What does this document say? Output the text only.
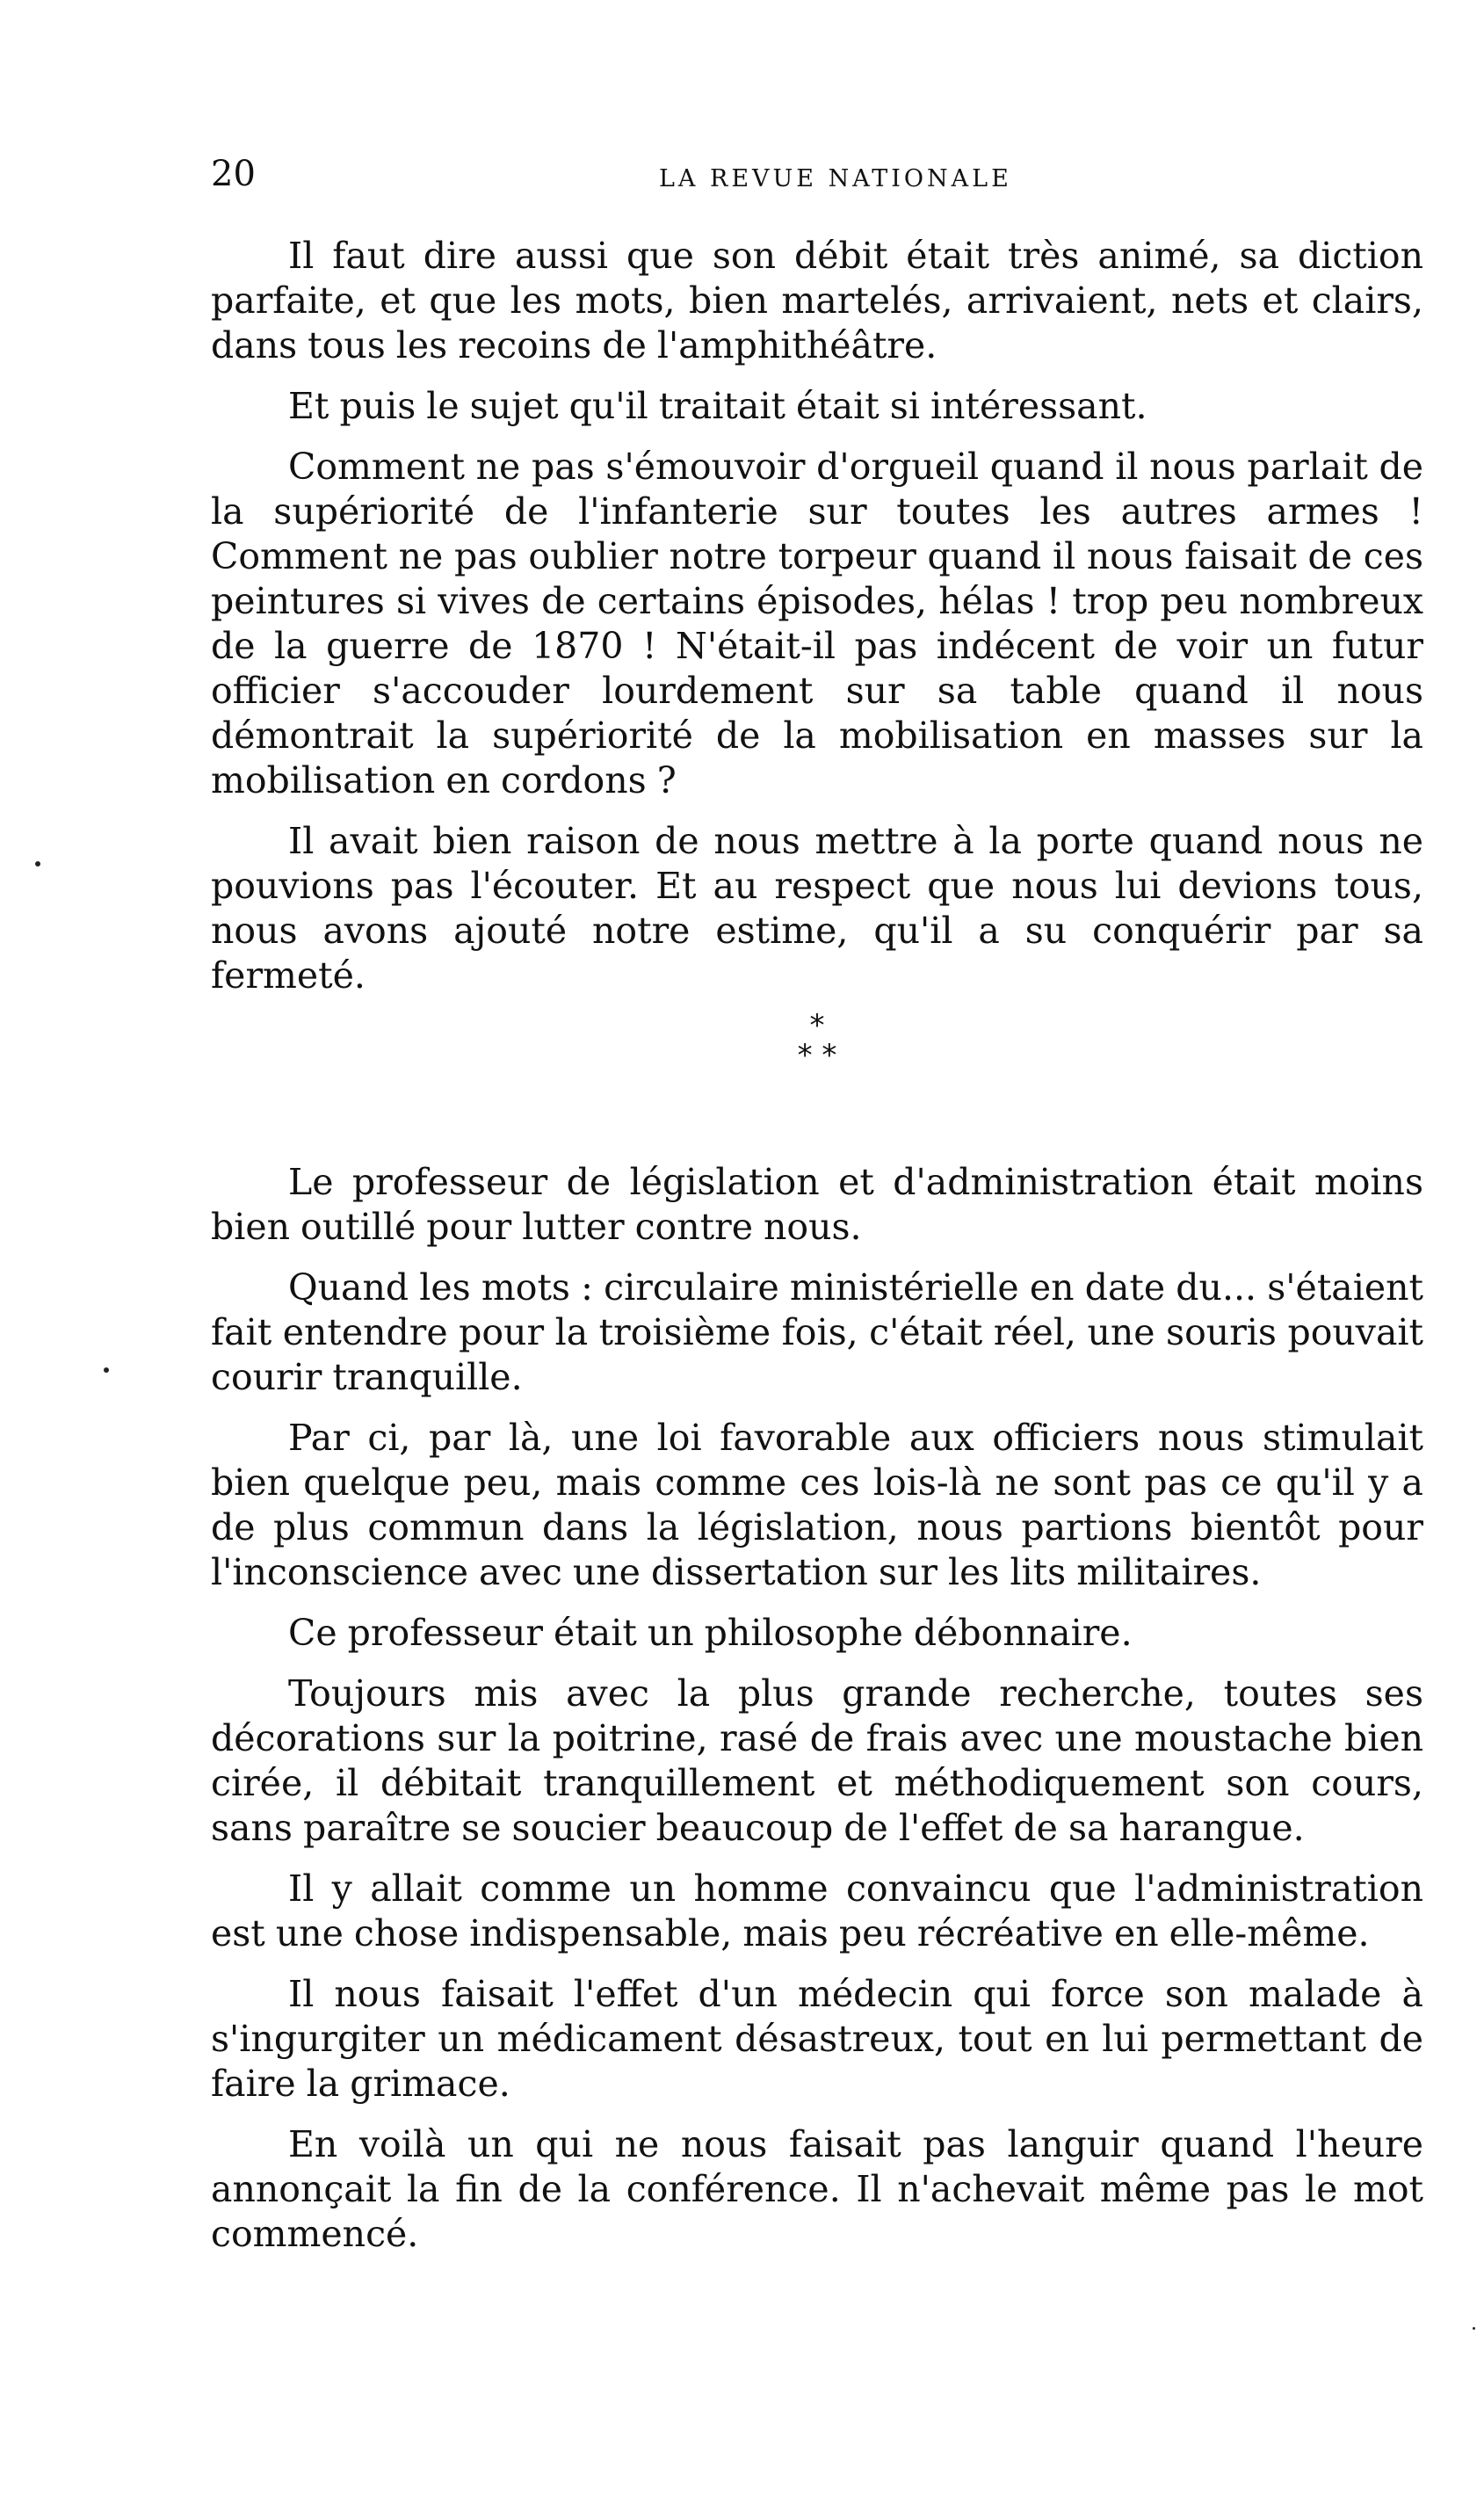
20	LA REVUE NATIONALE

Il faut dire aussi que son débit était très animé, sa diction parfaite, et que les mots, bien martelés, arrivaient, nets et clairs, dans tous les recoins de l'amphithéâtre.

Et puis le sujet qu'il traitait était si intéressant.

Comment ne pas s'émouvoir d'orgueil quand il nous parlait de la supériorité de l'infanterie sur toutes les autres armes ! Comment ne pas oublier notre torpeur quand il nous faisait de ces peintures si vives de certains épisodes, hélas ! trop peu nombreux de la guerre de 1870 ! N'était-il pas indécent de voir un futur officier s'accouder lourdement sur sa table quand il nous démontrait la supériorité de la mobilisation en masses sur la mobilisation en cordons ?

Il avait bien raison de nous mettre à la porte quand nous ne pouvions pas l'écouter. Et au respect que nous lui devions tous, nous avons ajouté notre estime, qu'il a su conquérir par sa fermeté.

*
* *

Le professeur de législation et d'administration était moins bien outillé pour lutter contre nous.

Quand les mots : circulaire ministérielle en date du... s'étaient fait entendre pour la troisième fois, c'était réel, une souris pouvait courir tranquille.

Par ci, par là, une loi favorable aux officiers nous stimulait bien quelque peu, mais comme ces lois-là ne sont pas ce qu'il y a de plus commun dans la législation, nous partions bientôt pour l'inconscience avec une dissertation sur les lits militaires.

Ce professeur était un philosophe débonnaire.

Toujours mis avec la plus grande recherche, toutes ses décorations sur la poitrine, rasé de frais avec une moustache bien cirée, il débitait tranquillement et méthodiquement son cours, sans paraître se soucier beaucoup de l'effet de sa harangue.

Il y allait comme un homme convaincu que l'administration est une chose indispensable, mais peu récréative en elle-même.

Il nous faisait l'effet d'un médecin qui force son malade à s'ingurgiter un médicament désastreux, tout en lui permettant de faire la grimace.

En voilà un qui ne nous faisait pas languir quand l'heure annonçait la fin de la conférence. Il n'achevait même pas le mot commencé.
